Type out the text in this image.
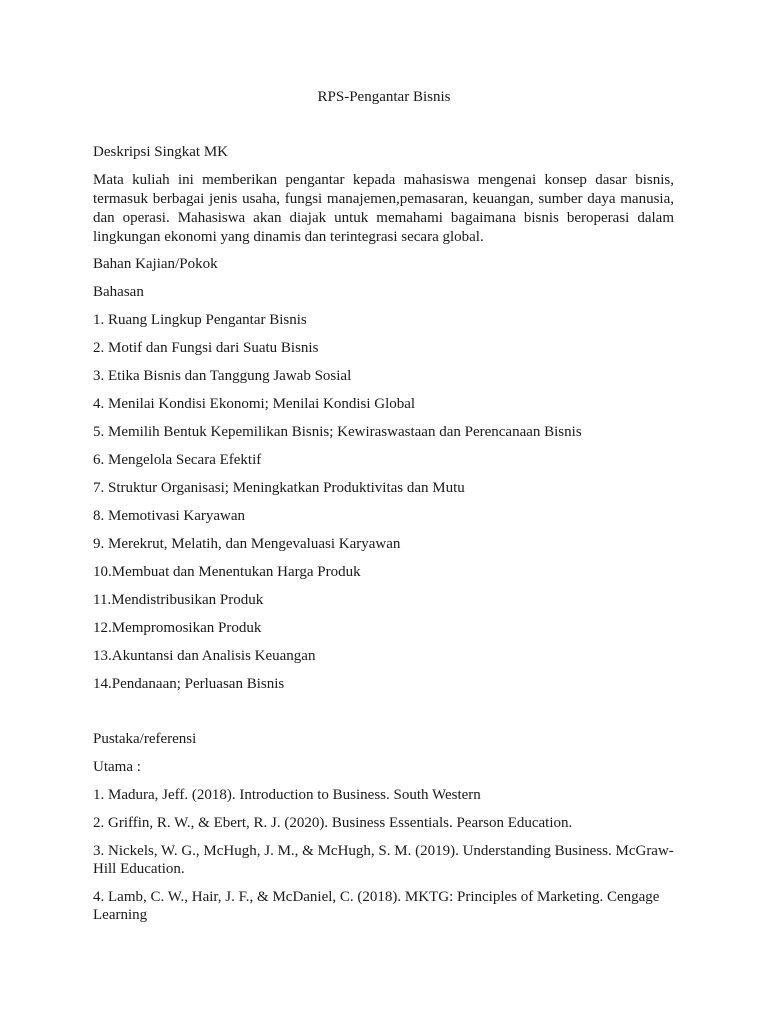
RPS-Pengantar Bisnis

Deskripsi Singkat MK

Mata kuliah ini memberikan pengantar kepada mahasiswa mengenai konsep dasar bisnis, termasuk berbagai jenis usaha, fungsi manajemen,pemasaran, keuangan, sumber daya manusia, dan operasi. Mahasiswa akan diajak untuk memahami bagaimana bisnis beroperasi dalam lingkungan ekonomi yang dinamis dan terintegrasi secara global.

Bahan Kajian/Pokok

Bahasan

1. Ruang Lingkup Pengantar Bisnis

2. Motif dan Fungsi dari Suatu Bisnis

3. Etika Bisnis dan Tanggung Jawab Sosial

4. Menilai Kondisi Ekonomi; Menilai Kondisi Global

5. Memilih Bentuk Kepemilikan Bisnis; Kewiraswastaan dan Perencanaan Bisnis

6. Mengelola Secara Efektif

7. Struktur Organisasi; Meningkatkan Produktivitas dan Mutu

8. Memotivasi Karyawan

9. Merekrut, Melatih, dan Mengevaluasi Karyawan

10.Membuat dan Menentukan Harga Produk

11.Mendistribusikan Produk

12.Mempromosikan Produk

13.Akuntansi dan Analisis Keuangan

14.Pendanaan; Perluasan Bisnis

Pustaka/referensi

Utama :

1. Madura, Jeff. (2018). Introduction to Business. South Western

2. Griffin, R. W., & Ebert, R. J. (2020). Business Essentials. Pearson Education.

3. Nickels, W. G., McHugh, J. M., & McHugh, S. M. (2019). Understanding Business. McGraw-Hill Education.

4. Lamb, C. W., Hair, J. F., & McDaniel, C. (2018). MKTG: Principles of Marketing. Cengage Learning
